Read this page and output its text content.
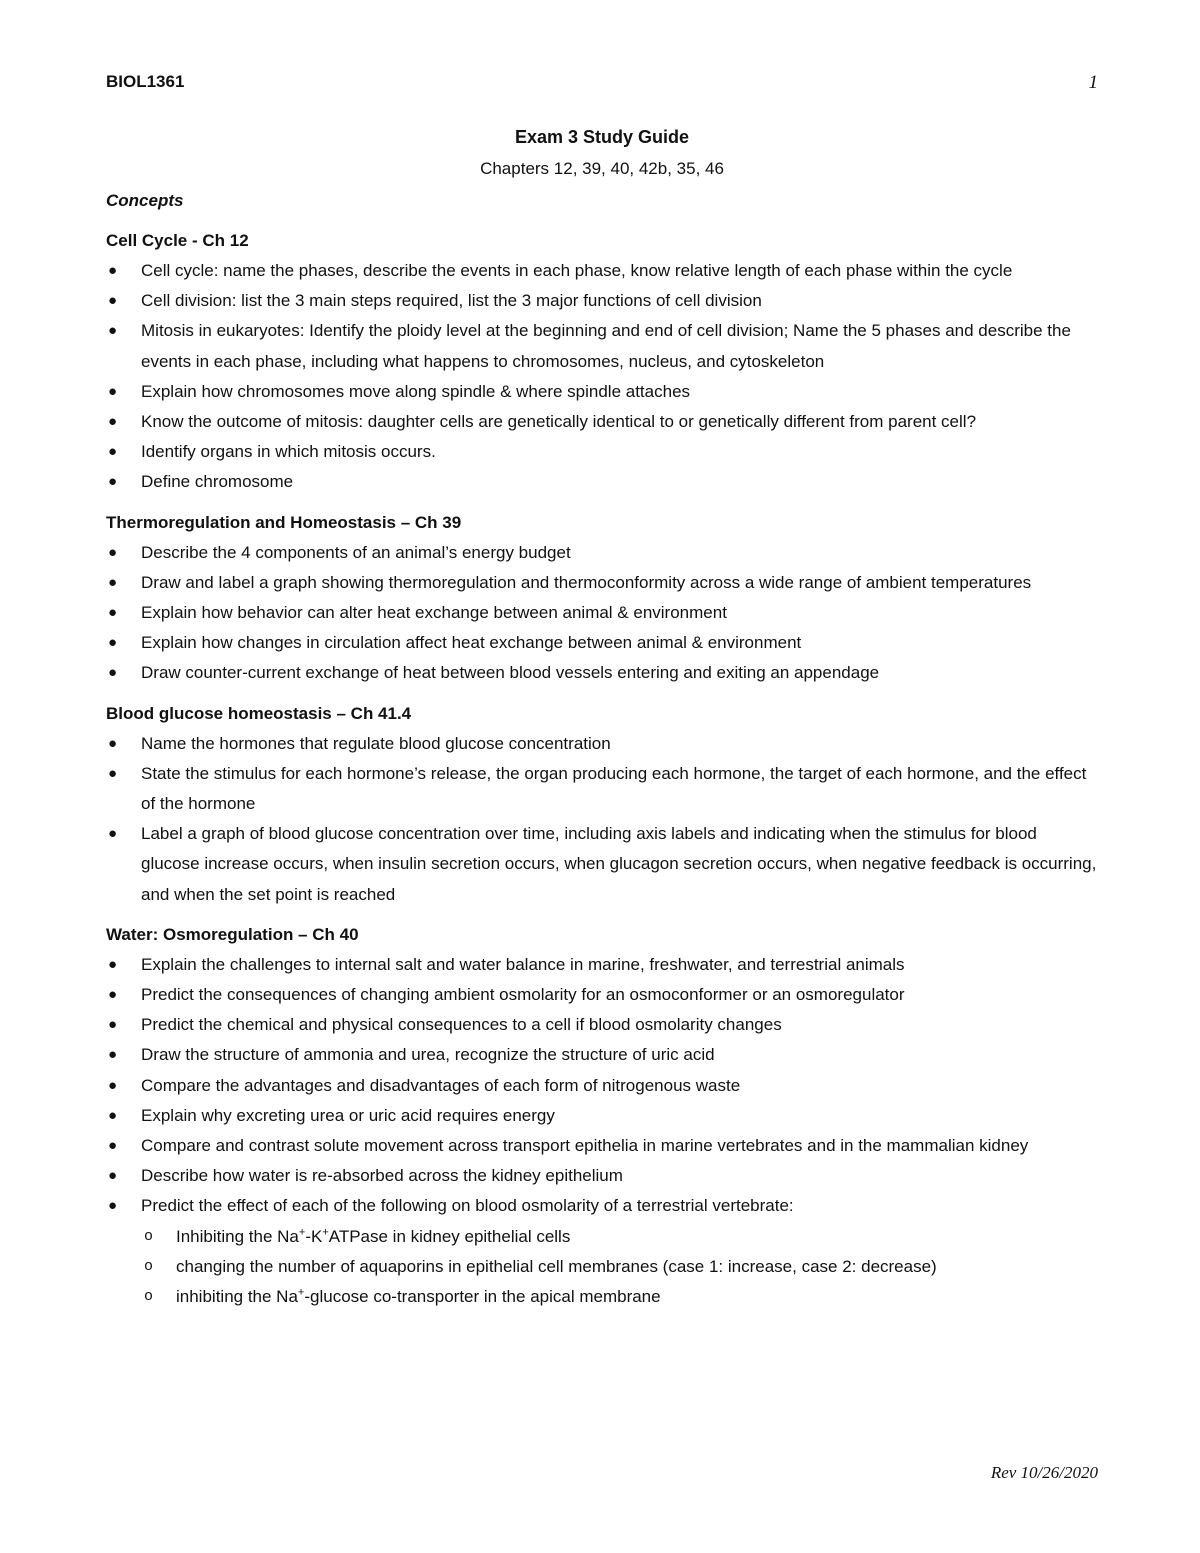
BIOL1361	1
Exam 3 Study Guide
Chapters 12, 39, 40, 42b, 35, 46
Concepts
Cell Cycle - Ch 12
● Cell cycle: name the phases, describe the events in each phase, know relative length of each phase within the cycle
● Cell division: list the 3 main steps required, list the 3 major functions of cell division
● Mitosis in eukaryotes: Identify the ploidy level at the beginning and end of cell division; Name the 5 phases and describe the events in each phase, including what happens to chromosomes, nucleus, and cytoskeleton
● Explain how chromosomes move along spindle & where spindle attaches
● Know the outcome of mitosis: daughter cells are genetically identical to or genetically different from parent cell?
● Identify organs in which mitosis occurs.
● Define chromosome
Thermoregulation and Homeostasis – Ch 39
● Describe the 4 components of an animal’s energy budget
● Draw and label a graph showing thermoregulation and thermoconformity across a wide range of ambient temperatures
● Explain how behavior can alter heat exchange between animal & environment
● Explain how changes in circulation affect heat exchange between animal & environment
● Draw counter-current exchange of heat between blood vessels entering and exiting an appendage
Blood glucose homeostasis – Ch 41.4
● Name the hormones that regulate blood glucose concentration
● State the stimulus for each hormone’s release, the organ producing each hormone, the target of each hormone, and the effect of the hormone
● Label a graph of blood glucose concentration over time, including axis labels and indicating when the stimulus for blood glucose increase occurs, when insulin secretion occurs, when glucagon secretion occurs, when negative feedback is occurring, and when the set point is reached
Water: Osmoregulation – Ch 40
● Explain the challenges to internal salt and water balance in marine, freshwater, and terrestrial animals
● Predict the consequences of changing ambient osmolarity for an osmoconformer or an osmoregulator
● Predict the chemical and physical consequences to a cell if blood osmolarity changes
● Draw the structure of ammonia and urea, recognize the structure of uric acid
● Compare the advantages and disadvantages of each form of nitrogenous waste
● Explain why excreting urea or uric acid requires energy
● Compare and contrast solute movement across transport epithelia in marine vertebrates and in the mammalian kidney
● Describe how water is re-absorbed across the kidney epithelium
● Predict the effect of each of the following on blood osmolarity of a terrestrial vertebrate:
o Inhibiting the Na+-K+ATPase in kidney epithelial cells
o changing the number of aquaporins in epithelial cell membranes (case 1: increase, case 2: decrease)
o inhibiting the Na+-glucose co-transporter in the apical membrane
Rev 10/26/2020
